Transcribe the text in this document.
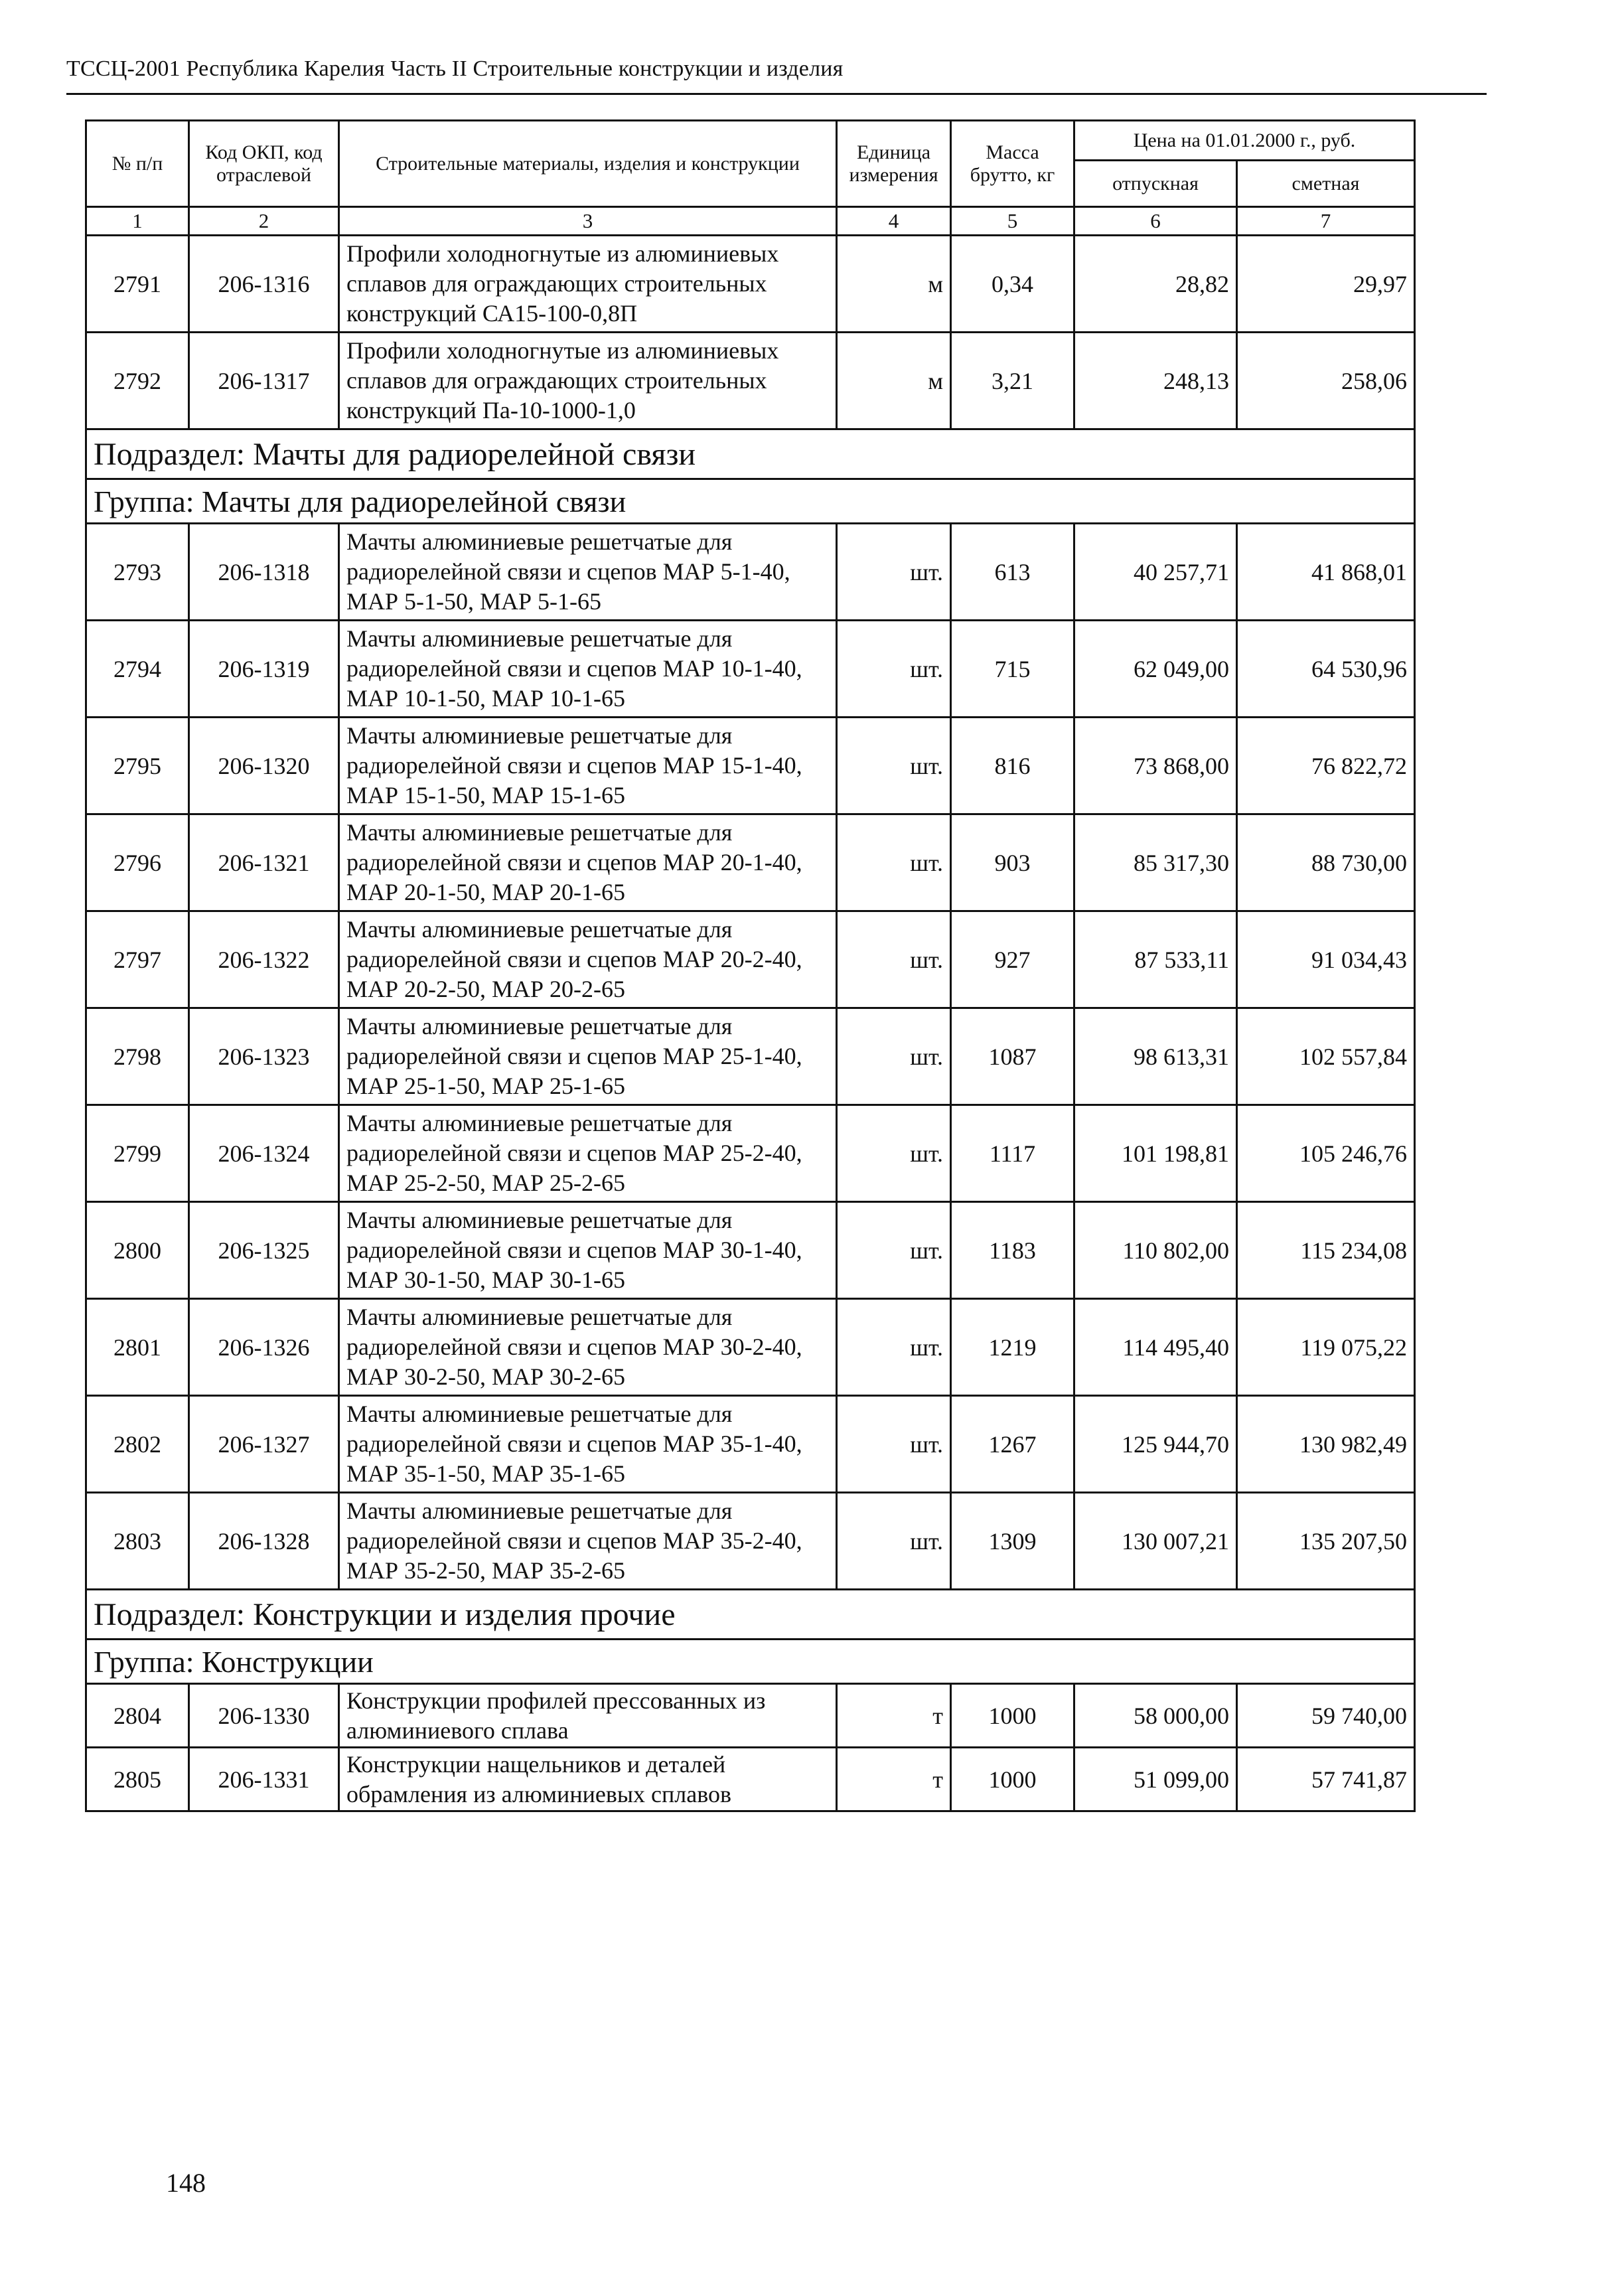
ТССЦ-2001 Республика Карелия Часть II Строительные конструкции и изделия
№ п/п	Код ОКП, код отраслевой	Строительные материалы, изделия и конструкции	Единица измерения	Масса брутто, кг	Цена на 01.01.2000 г., руб.	
					отпускная	сметная
1	2	3	4	5	6	7
2791	206-1316	Профили холодногнутые из алюминиевых сплавов для ограждающих строительных конструкций СА15-100-0,8П	м	0,34	28,82	29,97
2792	206-1317	Профили холодногнутые из алюминиевых сплавов для ограждающих строительных конструкций Па-10-1000-1,0	м	3,21	248,13	258,06
Подраздел: Мачты для радиорелейной связи						
Группа: Мачты для радиорелейной связи						
2793	206-1318	Мачты алюминиевые решетчатые для радиорелейной связи и сцепов МАР 5-1-40, МАР 5-1-50, МАР 5-1-65	шт.	613	40 257,71	41 868,01
2794	206-1319	Мачты алюминиевые решетчатые для радиорелейной связи и сцепов МАР 10-1-40, МАР 10-1-50, МАР 10-1-65	шт.	715	62 049,00	64 530,96
2795	206-1320	Мачты алюминиевые решетчатые для радиорелейной связи и сцепов МАР 15-1-40, МАР 15-1-50, МАР 15-1-65	шт.	816	73 868,00	76 822,72
2796	206-1321	Мачты алюминиевые решетчатые для радиорелейной связи и сцепов МАР 20-1-40, МАР 20-1-50, МАР 20-1-65	шт.	903	85 317,30	88 730,00
2797	206-1322	Мачты алюминиевые решетчатые для радиорелейной связи и сцепов МАР 20-2-40, МАР 20-2-50, МАР 20-2-65	шт.	927	87 533,11	91 034,43
2798	206-1323	Мачты алюминиевые решетчатые для радиорелейной связи и сцепов МАР 25-1-40, МАР 25-1-50, МАР 25-1-65	шт.	1087	98 613,31	102 557,84
2799	206-1324	Мачты алюминиевые решетчатые для радиорелейной связи и сцепов МАР 25-2-40, МАР 25-2-50, МАР 25-2-65	шт.	1117	101 198,81	105 246,76
2800	206-1325	Мачты алюминиевые решетчатые для радиорелейной связи и сцепов МАР 30-1-40, МАР 30-1-50, МАР 30-1-65	шт.	1183	110 802,00	115 234,08
2801	206-1326	Мачты алюминиевые решетчатые для радиорелейной связи и сцепов МАР 30-2-40, МАР 30-2-50, МАР 30-2-65	шт.	1219	114 495,40	119 075,22
2802	206-1327	Мачты алюминиевые решетчатые для радиорелейной связи и сцепов МАР 35-1-40, МАР 35-1-50, МАР 35-1-65	шт.	1267	125 944,70	130 982,49
2803	206-1328	Мачты алюминиевые решетчатые для радиорелейной связи и сцепов МАР 35-2-40, МАР 35-2-50, МАР 35-2-65	шт.	1309	130 007,21	135 207,50
Подраздел: Конструкции и изделия прочие						
Группа: Конструкции						
2804	206-1330	Конструкции профилей прессованных из алюминиевого сплава	т	1000	58 000,00	59 740,00
2805	206-1331	Конструкции нащельников и деталей обрамления из алюминиевых сплавов	т	1000	51 099,00	57 741,87
148
